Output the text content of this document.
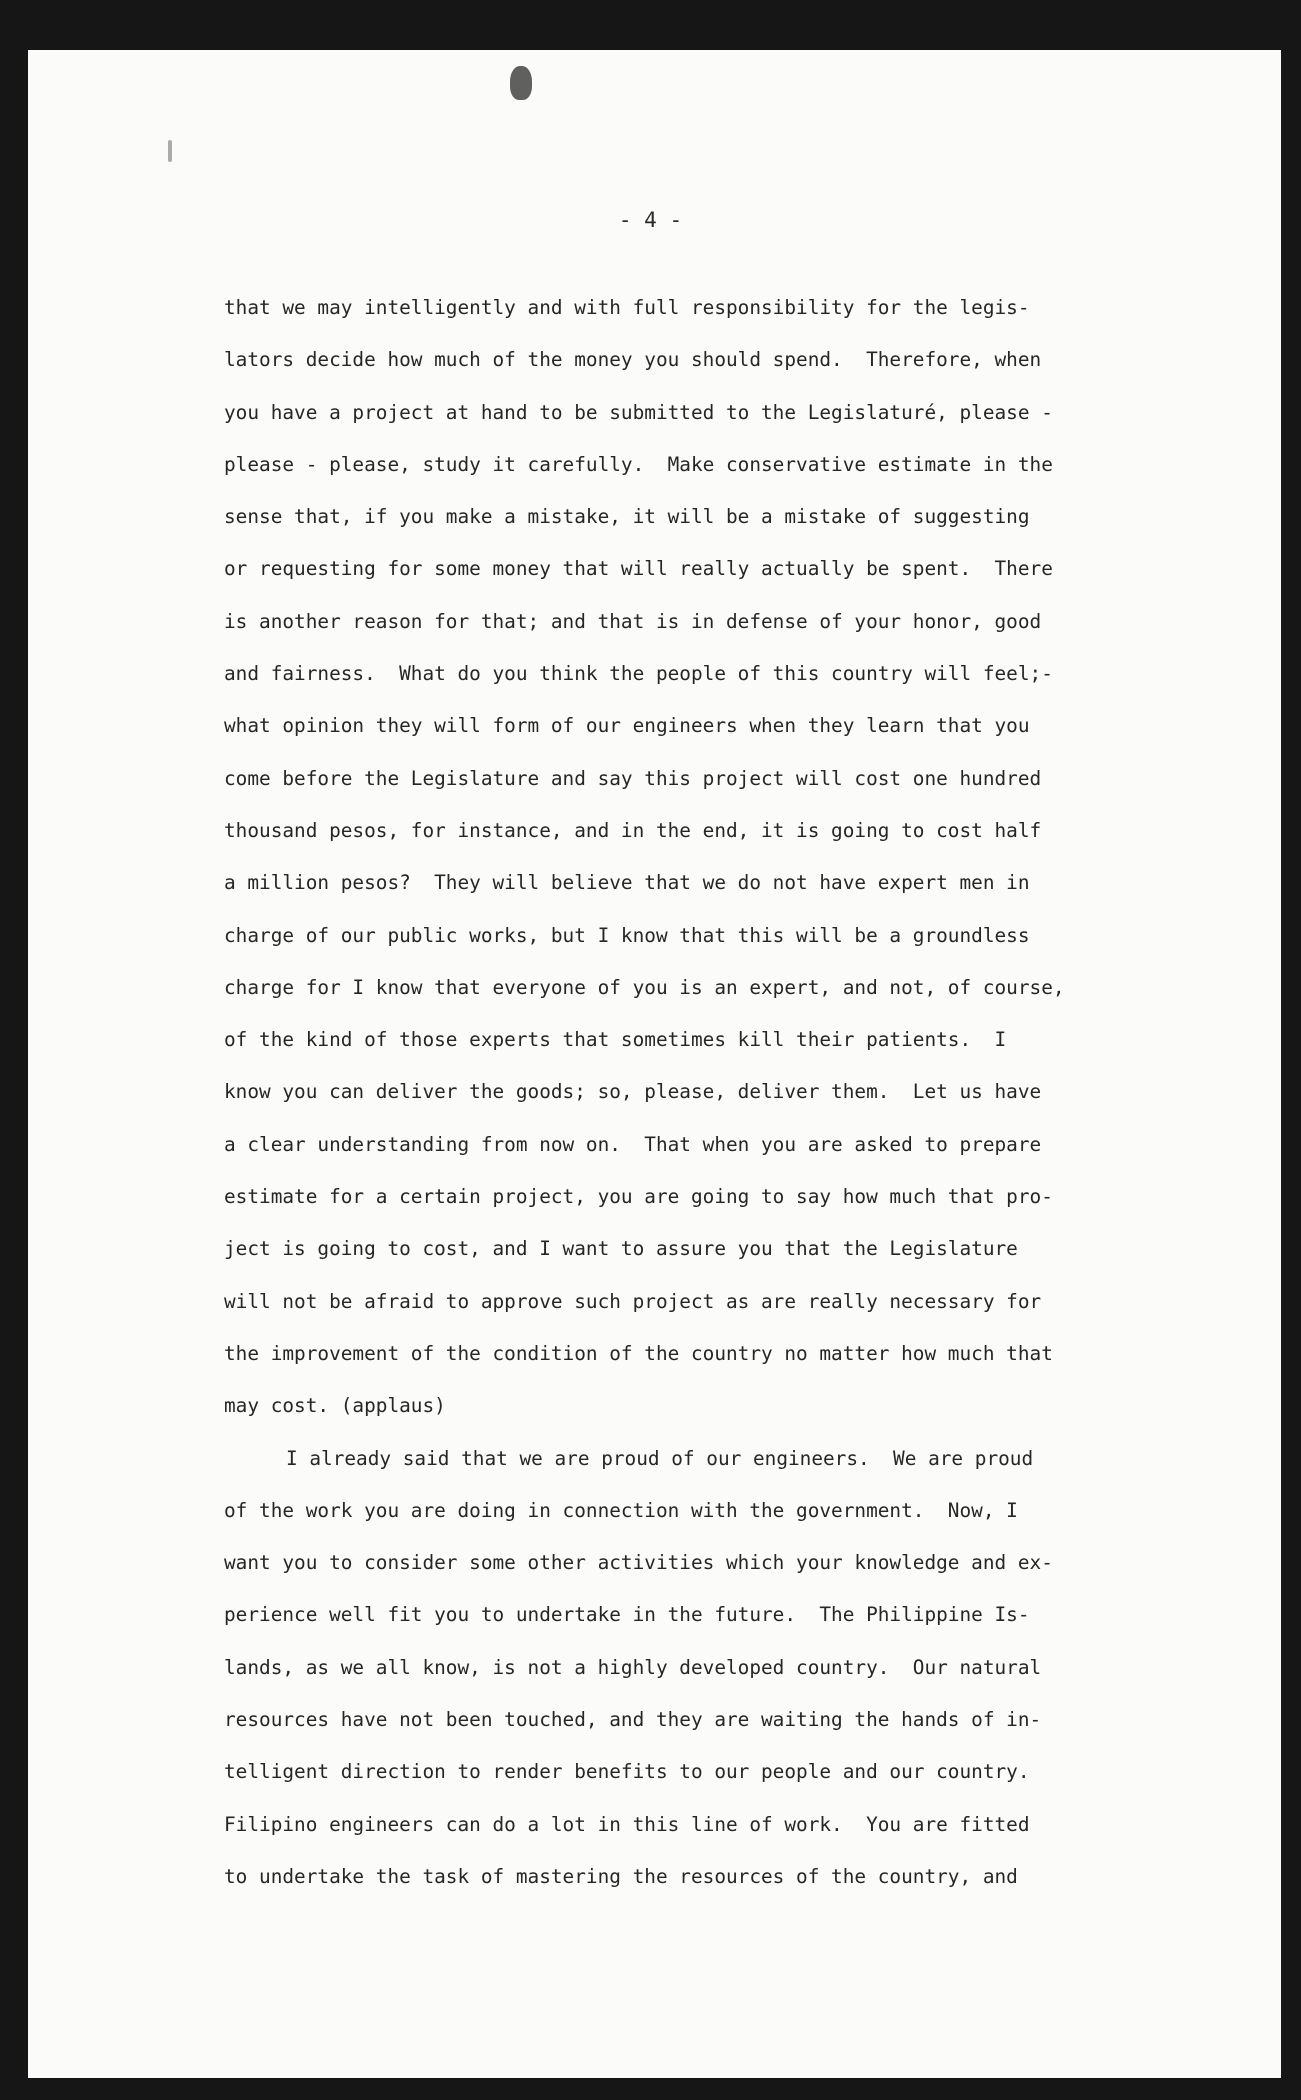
- 4 -
that we may intelligently and with full responsibility for the legis-
lators decide how much of the money you should spend.  Therefore, when
you have a project at hand to be submitted to the Legislaturé, please -
please - please, study it carefully.  Make conservative estimate in the
sense that, if you make a mistake, it will be a mistake of suggesting
or requesting for some money that will really actually be spent.  There
is another reason for that; and that is in defense of your honor, good
and fairness.  What do you think the people of this country will feel;-
what opinion they will form of our engineers when they learn that you
come before the Legislature and say this project will cost one hundred
thousand pesos, for instance, and in the end, it is going to cost half
a million pesos?  They will believe that we do not have expert men in
charge of our public works, but I know that this will be a groundless
charge for I know that everyone of you is an expert, and not, of course,
of the kind of those experts that sometimes kill their patients.  I
know you can deliver the goods; so, please, deliver them.  Let us have
a clear understanding from now on.  That when you are asked to prepare
estimate for a certain project, you are going to say how much that pro-
ject is going to cost, and I want to assure you that the Legislature
will not be afraid to approve such project as are really necessary for
the improvement of the condition of the country no matter how much that
may cost. (applaus)
I already said that we are proud of our engineers.  We are proud
of the work you are doing in connection with the government.  Now, I
want you to consider some other activities which your knowledge and ex-
perience well fit you to undertake in the future.  The Philippine Is-
lands, as we all know, is not a highly developed country.  Our natural
resources have not been touched, and they are waiting the hands of in-
telligent direction to render benefits to our people and our country.
Filipino engineers can do a lot in this line of work.  You are fitted
to undertake the task of mastering the resources of the country, and
